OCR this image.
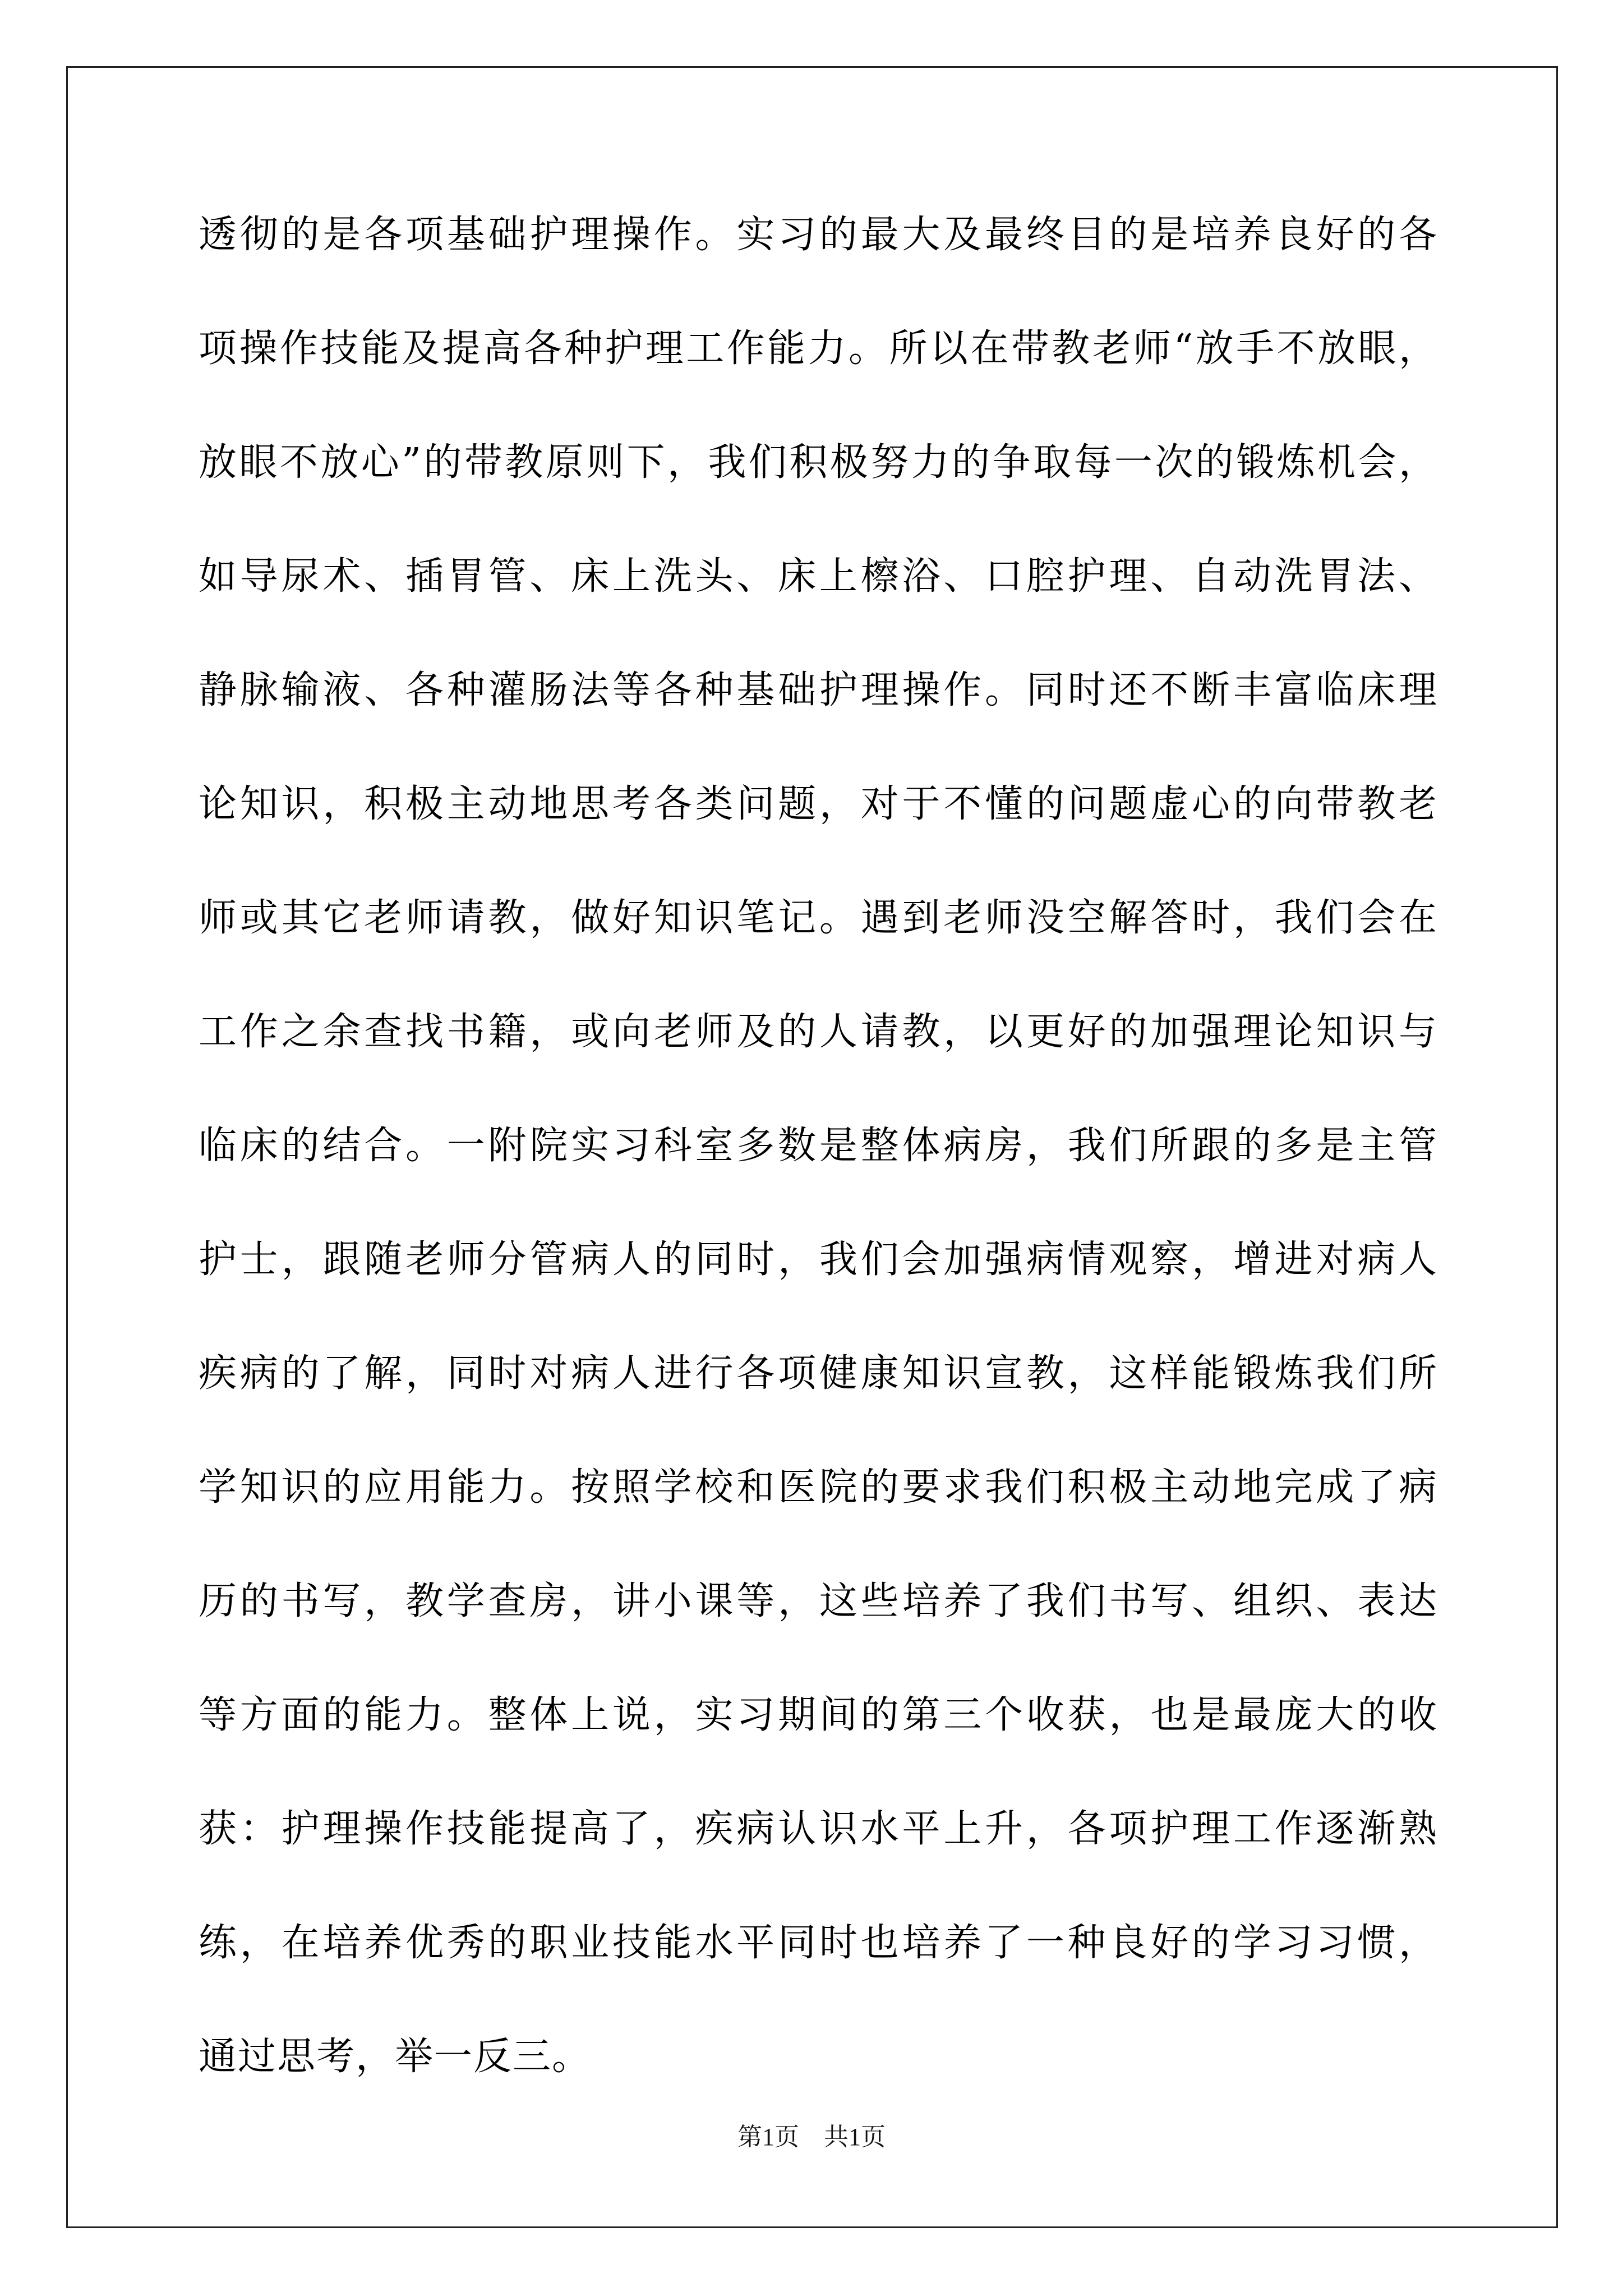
透彻的是各项基础护理操作。实习的最大及最终目的是培养良好的各
项操作技能及提高各种护理工作能力。所以在带教老师“放手不放眼，
放眼不放心”的带教原则下，我们积极努力的争取每一次的锻炼机会，
如导尿术、插胃管、床上洗头、床上檫浴、口腔护理、自动洗胃法、
静脉输液、各种灌肠法等各种基础护理操作。同时还不断丰富临床理
论知识，积极主动地思考各类问题，对于不懂的问题虚心的向带教老
师或其它老师请教，做好知识笔记。遇到老师没空解答时，我们会在
工作之余查找书籍，或向老师及的人请教，以更好的加强理论知识与
临床的结合。一附院实习科室多数是整体病房，我们所跟的多是主管
护士，跟随老师分管病人的同时，我们会加强病情观察，增进对病人
疾病的了解，同时对病人进行各项健康知识宣教，这样能锻炼我们所
学知识的应用能力。按照学校和医院的要求我们积极主动地完成了病
历的书写，教学查房，讲小课等，这些培养了我们书写、组织、表达
等方面的能力。整体上说，实习期间的第三个收获，也是最庞大的收
获：护理操作技能提高了，疾病认识水平上升，各项护理工作逐渐熟
练，在培养优秀的职业技能水平同时也培养了一种良好的学习习惯，
通过思考，举一反三。
第1页　共1页
